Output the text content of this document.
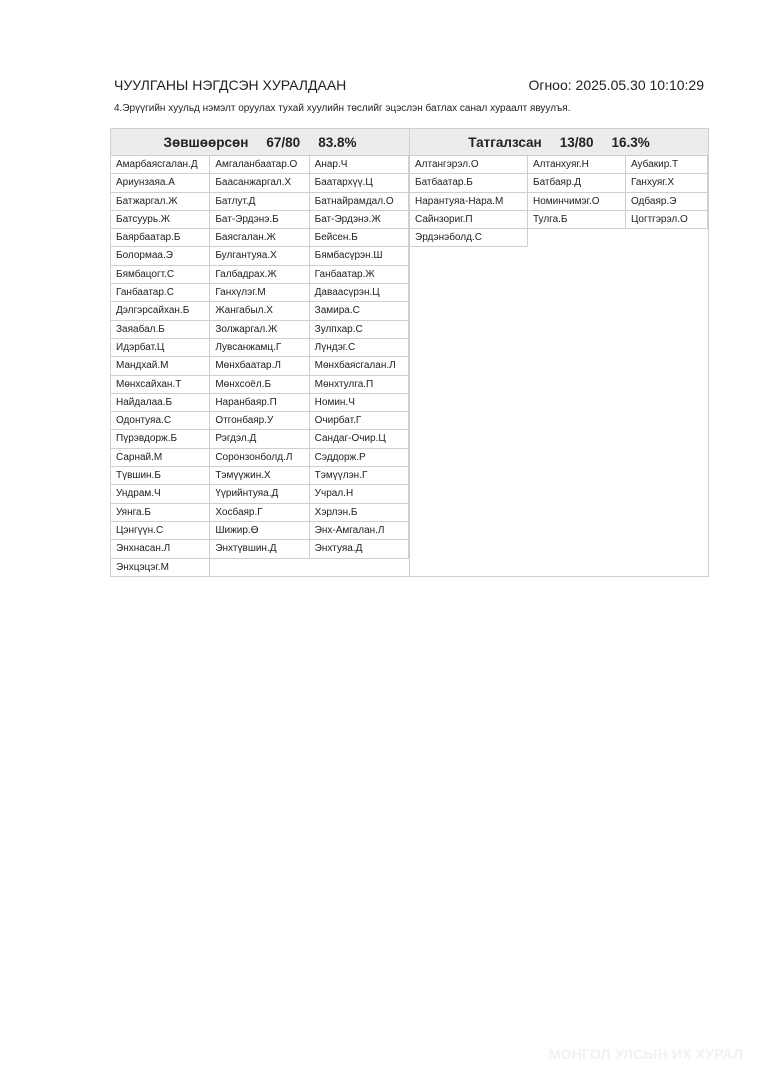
ЧУУЛГАНЫ НЭГДСЭН ХУРАЛДААН	Огноо: 2025.05.30 10:10:29
4.Эрүүгийн хуульд нэмэлт оруулах тухай хуулийн төслийг эцэслэн батлах санал хураалт явуулъя.
Зөвшөөрсөн 67/80 83.8%
Амарбаясгалан.Д	Амгаланбаатар.О	Анар.Ч
Ариунзаяа.А	Баасанжаргал.Х	Баатархүү.Ц
Батжаргал.Ж	Батлут.Д	Батнайрамдал.О
Батсуурь.Ж	Бат-Эрдэнэ.Б	Бат-Эрдэнэ.Ж
Баярбаатар.Б	Баясгалан.Ж	Бейсен.Б
Болормаа.Э	Булгантуяа.Х	Бямбасүрэн.Ш
Бямбацогт.С	Галбадрах.Ж	Ганбаатар.Ж
Ганбаатар.С	Ганхүлэг.М	Даваасүрэн.Ц
Дэлгэрсайхан.Б	Жангабыл.Х	Замира.С
Заяабал.Б	Золжаргал.Ж	Зулпхар.С
Идэрбат.Ц	Лувсанжамц.Г	Лүндэг.С
Мандхай.М	Мөнхбаатар.Л	Мөнхбаясгалан.Л
Мөнхсайхан.Т	Мөнхсоёл.Б	Мөнхтулга.П
Найдалаа.Б	Наранбаяр.П	Номин.Ч
Одонтуяа.С	Отгонбаяр.У	Очирбат.Г
Пүрэвдорж.Б	Рэгдэл.Д	Сандаг-Очир.Ц
Сарнай.М	Соронзонболд.Л	Сэддорж.Р
Түвшин.Б	Тэмүүжин.Х	Тэмүүлэн.Г
Ундрам.Ч	Үүрийнтуяа.Д	Учрал.Н
Уянга.Б	Хосбаяр.Г	Хэрлэн.Б
Цэнгүүн.С	Шижир.Ө	Энх-Амгалан.Л
Энхнасан.Л	Энхтүвшин.Д	Энхтуяа.Д
Энхцэцэг.М
Татгалзсан 13/80 16.3%
Алтангэрэл.О	Алтанхуяг.Н	Аубакир.Т
Батбаатар.Б	Батбаяр.Д	Ганхуяг.Х
Нарантуяа-Нара.М	Номинчимэг.О	Одбаяр.Э
Сайнзориг.П	Тулга.Б	Цогтгэрэл.О
Эрдэнэболд.С
МОНГОЛ УЛСЫН ИХ ХУРАЛ
